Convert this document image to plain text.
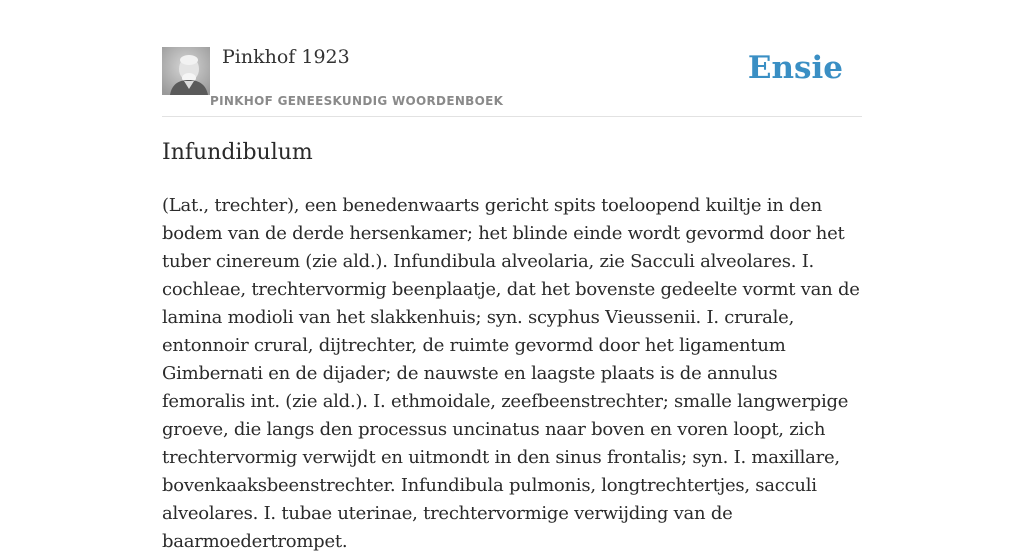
Pinkhof 1923
PINKHOF GENEESKUNDIG WOORDENBOEK
Ensie
Infundibulum

(Lat., trechter), een benedenwaarts gericht spits toeloopend kuiltje in den bodem van de derde hersenkamer; het blinde einde wordt gevormd door het tuber cinereum (zie ald.). Infundibula alveolaria, zie Sacculi alveolares. I. cochleae, trechtervormig beenplaatje, dat het bovenste gedeelte vormt van de lamina modioli van het slakkenhuis; syn. scyphus Vieussenii. I. crurale, entonnoir crural, dijtrechter, de ruimte gevormd door het ligamentum Gimbernati en de dijader; de nauwste en laagste plaats is de annulus femoralis int. (zie ald.). I. ethmoidale, zeefbeenstrechter; smalle langwerpige groeve, die langs den processus uncinatus naar boven en voren loopt, zich trechtervormig verwijdt en uitmondt in den sinus frontalis; syn. I. maxillare, bovenkaaksbeenstrechter. Infundibula pulmonis, longtrechtertjes, sacculi alveolares. I. tubae uterinae, trechtervormige verwijding van de baarmoedertrompet.
